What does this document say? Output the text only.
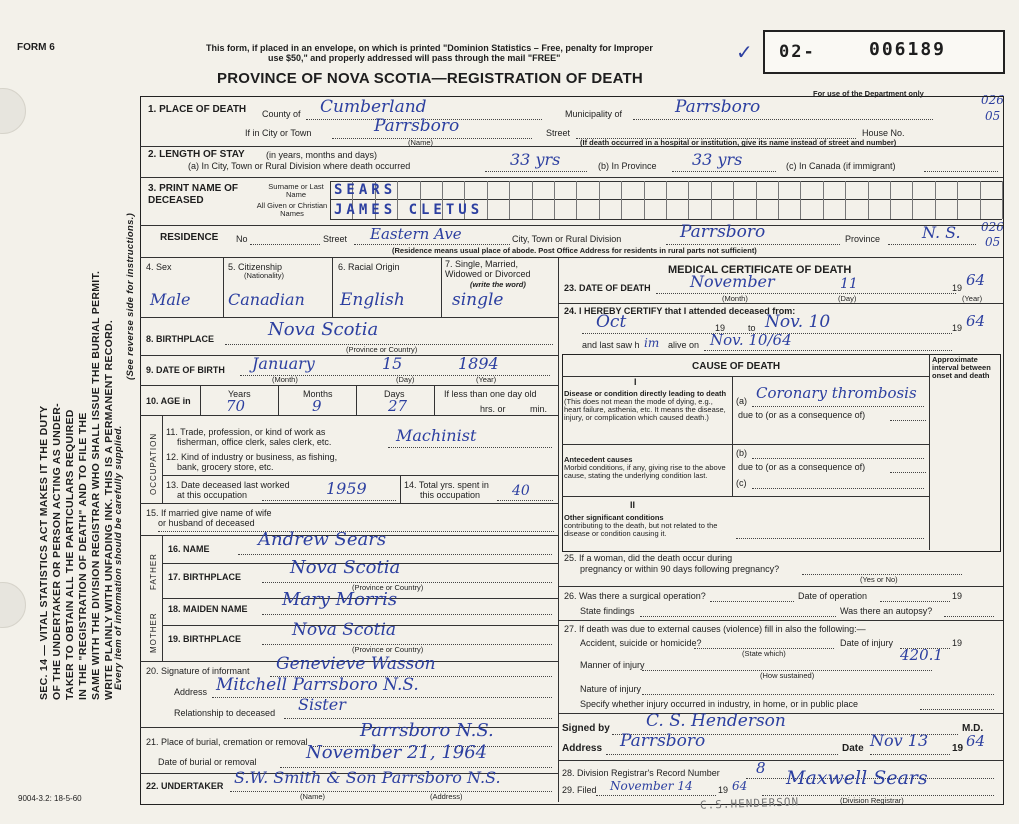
FORM 6	This form, if placed in an envelope, on which is printed "Dominion Statistics – Free, penalty for Improper
use $50," and properly addressed will pass through the mail "FREE"
PROVINCE OF NOVA SCOTIA—REGISTRATION OF DEATH
✓ 02-	006189
For use of the Department only	026
05
026
05
SEC. 14 — VITAL STATISTICS ACT MAKES IT THE DUTY OF THE UNDERTAKER OR PERSON ACTING AS UNDER- TAKER TO OBTAIN ALL THE PARTICULARS REQUIRED IN THE "REGISTRATION OF DEATH" AND TO FILE THE SAME WITH THE DIVISION REGISTRAR WHO SHALL ISSUE THE BURIAL PERMIT. WRITE PLAINLY WITH UNFADING INK. THIS IS A PERMANENT RECORD.
Every item of information should be carefully supplied.
(See reverse side for instructions.)
1. PLACE OF DEATH County of Cumberland	Municipality of	Parrsboro
If in City or Town	Parrsboro
(Name)
Street	House No.
(If death occurred in a hospital or institution, give its name instead of street and number)
2. LENGTH OF STAY (in years, months and days)
(a) In City, Town or Rural Division where death occurred	33 yrs	(b) In Province 33 yrs	(c) In Canada (if immigrant)
3. PRINT NAME OF DECEASED
Surname or Last Name
All Given or Christian Names
SEARS
JAMES CLETUS
RESIDENCE No	Street Eastern Ave	City, Town or Rural Division	Parrsboro	Province	N. S.
(Residence means usual place of abode. Post Office Address for residents in rural parts not sufficient)
4. Sex	5. Citizenship
(Nationality)
6. Racial Origin	7. Single, Married, Widowed or Divorced
(write the word)
Male Canadian English	single
8. BIRTHPLACE	Nova Scotia
(Province or Country)
9. DATE OF BIRTH January	15	1894
(Month)	(Day)	(Year)
10. AGE in
Years	Months	Days
70	9	27
If less than one day old
hrs. or	min.
OCCUPATION
11. Trade, profession, or kind of work as
fisherman, office clerk, sales clerk, etc.	Machinist
12. Kind of industry or business, as fishing,
bank, grocery store, etc.
13. Date deceased last worked
at this occupation	1959	14. Total yrs. spent in
this occupation 40
15. If married give name of wife
or husband of deceased
FATHER
MOTHER
16. NAME	Andrew Sears
17. BIRTHPLACE	Nova Scotia
(Province or Country)
18. MAIDEN NAME Mary Morris
19. BIRTHPLACE	Nova Scotia
(Province or Country)
20. Signature of informant Genevieve Wasson
Address Mitchell Parrsboro N.S.
Relationship to deceased Sister
21. Place of burial, cremation or removal
Parrsboro N.S.
Date of burial or removal	November 21, 1964
22. UNDERTAKER S.W. Smith & Son Parrsboro N.S.
(Name)	(Address)
9004-3.2: 18-5-60
MEDICAL CERTIFICATE OF DEATH
23. DATE OF DEATH November	11	19 64
(Month)	(Day)	(Year)
24. I HEREBY CERTIFY that I attended deceased from:
Oct	19	to Nov. 10	19 64
and last saw h im alive on Nov. 10/64
CAUSE OF DEATH
Approximate interval between onset and death
I
Disease or condition directly leading to death (This does not mean the mode of dying, e.g., heart failure, asthenia, etc. It means the disease, injury, or complication which caused death.)
(a) Coronary thrombosis
due to (or as a consequence of)
(b)
due to (or as a consequence of)
(c)
Antecedent causes
Morbid conditions, if any, giving rise to the above cause, stating the underlying condition last.
II
Other significant conditions
contributing to the death, but not related to the disease or condition causing it.
25. If a woman, did the death occur during
pregnancy or within 90 days following pregnancy?
(Yes or No)
26. Was there a surgical operation?	Date of operation	19
State findings	Was there an autopsy?
27. If death was due to external causes (violence) fill in also the following:—
Accident, suicide or homicide?	Date of injury	19
(State which)	420.1
Manner of injury
(How sustained)
Nature of injury
Specify whether injury occurred in industry, in home, or in public place
Signed by C. S. Henderson	M.D.
Address Parrsboro	Date Nov 13 19 64
28. Division Registrar's Record Number 8
29. Filed November 14	19 64 Maxwell Sears
(Division Registrar)
C.S.HENDERSON
